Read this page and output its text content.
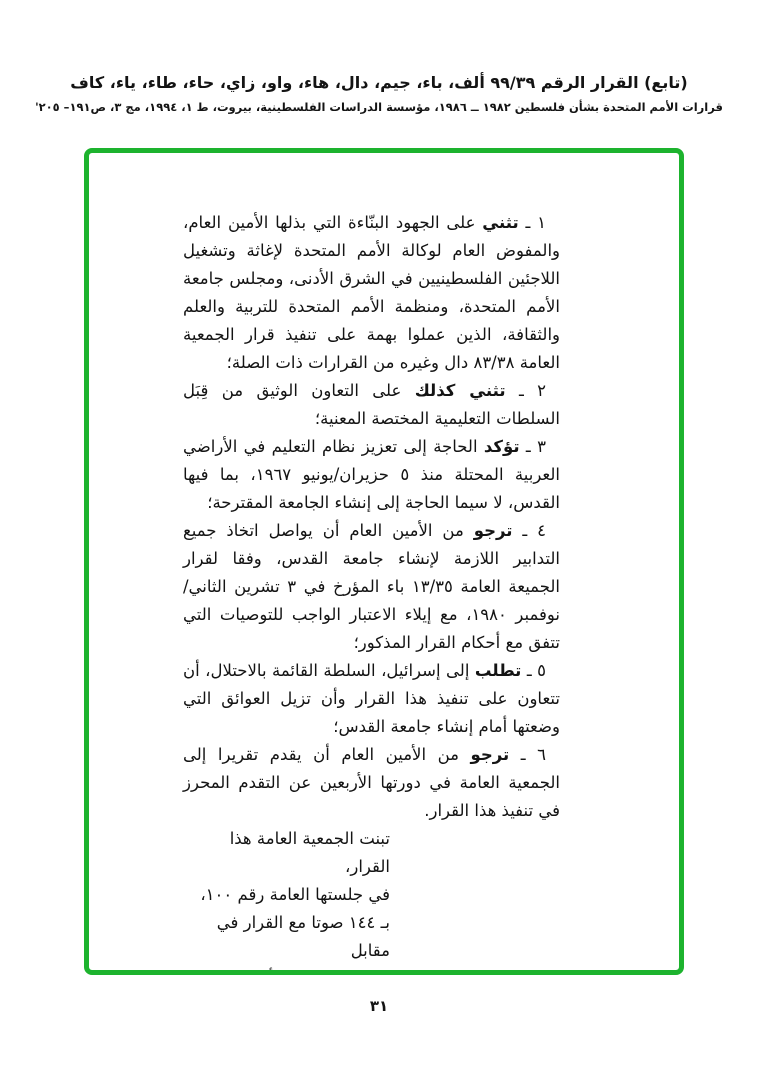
(تابع) القرار الرقم ٩٩/٣٩ ألف، باء، جيم، دال، هاء، واو، زاي، حاء، طاء، ياء، كاف
قرارات الأمم المتحدة بشأن فلسطين ١٩٨٢ ــ ١٩٨٦، مؤسسة الدراسات الفلسطينية، بيروت، ط ١، ١٩٩٤، مج ٣، ص١٩١– ٢٠٥'

١ ـ تثني على الجهود البنّاءة التي بذلها الأمين العام، والمفوض العام لوكالة الأمم المتحدة لإغاثة وتشغيل اللاجئين الفلسطينيين في الشرق الأدنى، ومجلس جامعة الأمم المتحدة، ومنظمة الأمم المتحدة للتربية والعلم والثقافة، الذين عملوا بهمة على تنفيذ قرار الجمعية العامة ٨٣/٣٨ دال وغيره من القرارات ذات الصلة؛

٢ ـ تثني كذلك على التعاون الوثيق من قِبَل السلطات التعليمية المختصة المعنية؛

٣ ـ تؤكد الحاجة إلى تعزيز نظام التعليم في الأراضي العربية المحتلة منذ ٥ حزيران/يونيو ١٩٦٧، بما فيها القدس، لا سيما الحاجة إلى إنشاء الجامعة المقترحة؛

٤ ـ ترجو من الأمين العام أن يواصل اتخاذ جميع التدابير اللازمة لإنشاء جامعة القدس، وفقا لقرار الجميعة العامة ١٣/٣٥ باء المؤرخ في ٣ تشرين الثاني/نوفمبر ١٩٨٠، مع إيلاء الاعتبار الواجب للتوصيات التي تتفق مع أحكام القرار المذكور؛

٥ ـ تطلب إلى إسرائيل، السلطة القائمة بالاحتلال، أن تتعاون على تنفيذ هذا القرار وأن تزيل العوائق التي وضعتها أمام إنشاء جامعة القدس؛

٦ ـ ترجو من الأمين العام أن يقدم تقريرا إلى الجمعية العامة في دورتها الأربعين عن التقدم المحرز في تنفيذ هذا القرار.

تبنت الجمعية العامة هذا القرار،
في جلستها العامة رقم ١٠٠،
بـ ١٤٤ صوتا مع القرار في مقابل
٣١
